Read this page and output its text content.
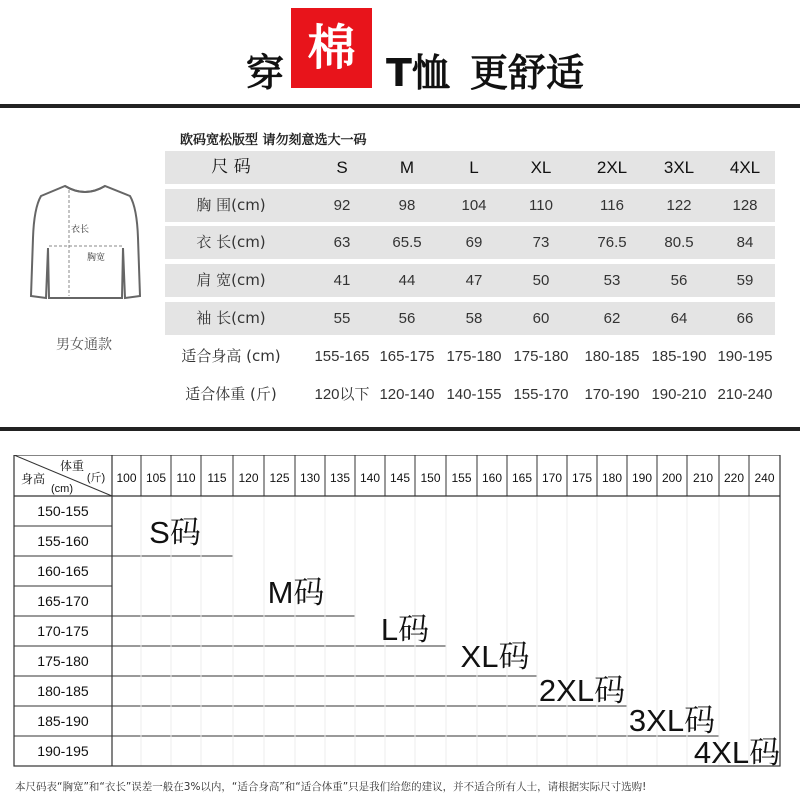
穿 棉 T恤 更舒适
衣长
胸宽
男女通款
欧码宽松版型 请勿刻意选大一码
尺 码	S	M	L	XL	2XL	3XL	4XL
胸 围(cm)	92	98	104	110	116	122	128
衣 长(cm)	63	65.5	69	73	76.5	80.5	84
肩 宽(cm)	41	44	47	50	53	56	59
袖 长(cm)	55	56	58	60	62	64	66
适合身高 (cm)	155-165 165-175 175-180 175-180	180-185 185-190 190-195
适合体重 (斤)	120以下 120-140 140-155 155-170	170-190 190-210 210-240
体重
(斤)
身高
(cm)
100 105 110 115 120 125 130 135 140 145 150 155 160 165 170 175 180 190 200 210 220 240
150-155
155-160
160-165
165-170
170-175
175-180
180-185
185-190
190-195
S码
M码
L码
XL码
2XL码
3XL码
4XL码
本尺码表“胸宽”和“衣长”误差一般在3%以内，“适合身高”和“适合体重”只是我们给您的建议，并不适合所有人士，请根据实际尺寸选购!
